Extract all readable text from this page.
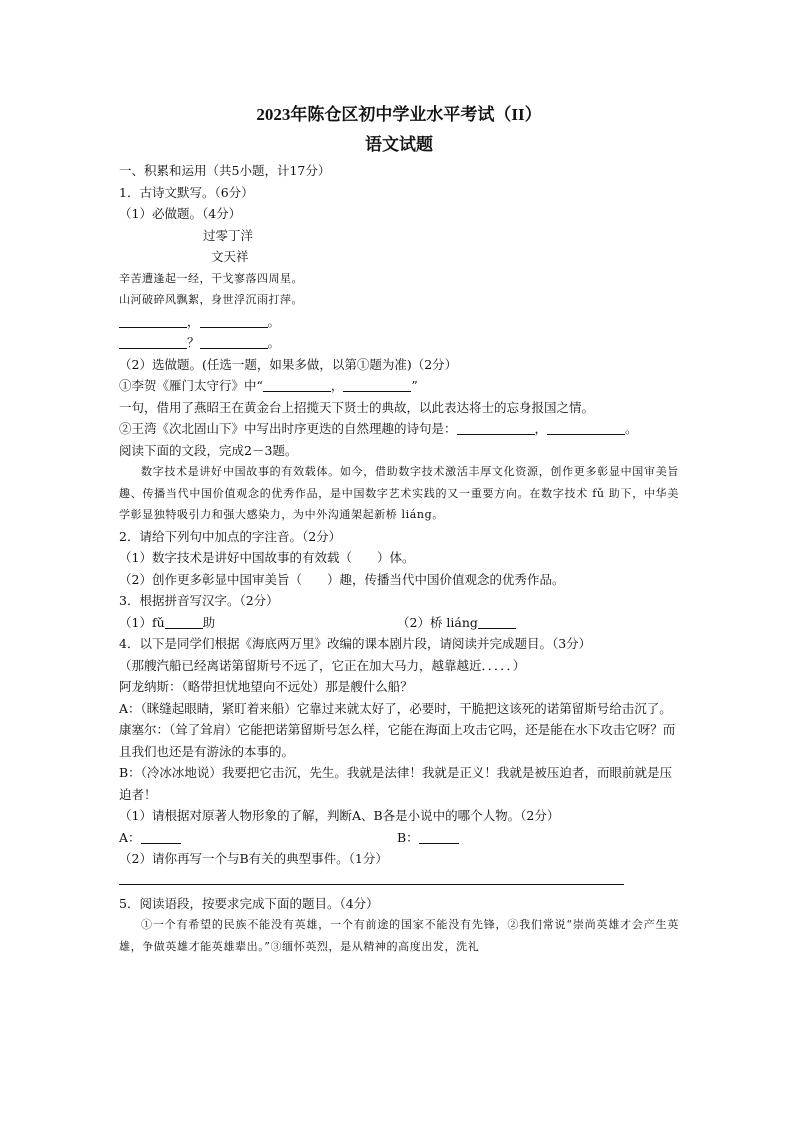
2023年陈仓区初中学业水平考试（II）
语文试题
一、积累和运用（共5小题，计17分）
1．古诗文默写。（6分）
（1）必做题。（4分）
过零丁洋
文天祥
辛苦遭逢起一经，干戈寥落四周星。
山河破碎风飘絮，身世浮沉雨打萍。
，	。
？	。
（2）选做题。(任选一题，如果多做，以第①题为准)（2分）
①李贺《雁门太守行》中“	，	”
一句，借用了燕昭王在黄金台上招揽天下贤士的典故，以此表达将士的忘身报国之情。
②王湾《次北固山下》中写出时序更迭的自然理趣的诗句是：	，	。
阅读下面的文段，完成2－3题。
数字技术是讲好中国故事的有效载体。如今，借助数字技术激活丰厚文化资源，创作更多彰显中国审美旨趣、传播当代中国价值观念的优秀作品，是中国数字艺术实践的又一重要方向。在数字技术 fǔ 助下，中华美学彰显独特吸引力和强大感染力，为中外沟通架起新桥 liáng。
2．请给下列句中加点的字注音。（2分）
（1）数字技术是讲好中国故事的有效载（　　）体。
（2）创作更多彰显中国审美旨（　　）趣，传播当代中国价值观念的优秀作品。
3．根据拼音写汉字。（2分）
（1）fǔ	助	（2）桥 liáng
4．以下是同学们根据《海底两万里》改编的课本剧片段，请阅读并完成题目。（3分）
（那艘汽船已经离诺第留斯号不远了，它正在加大马力，越靠越近．．．．．）
阿龙纳斯：（略带担忧地望向不远处）那是艘什么船？
A：（眯缝起眼睛，紧盯着来船）它靠过来就太好了，必要时，干脆把这该死的诺第留斯号给击沉了。
康塞尔：（耸了耸肩）它能把诺第留斯号怎么样，它能在海面上攻击它吗，还是能在水下攻击它呀？而且我们也还是有游泳的本事的。
B：（冷冰冰地说）我要把它击沉，先生。我就是法律！我就是正义！我就是被压迫者，而眼前就是压迫者！
（1）请根据对原著人物形象的了解，判断A、B各是小说中的哪个人物。（2分）
A：	B：
（2）请你再写一个与B有关的典型事件。（1分）
5．阅读语段，按要求完成下面的题目。（4分）
①一个有希望的民族不能没有英雄，一个有前途的国家不能没有先锋，②我们常说“崇尚英雄才会产生英雄，争做英雄才能英雄辈出。”③缅怀英烈，是从精神的高度出发，洗礼
